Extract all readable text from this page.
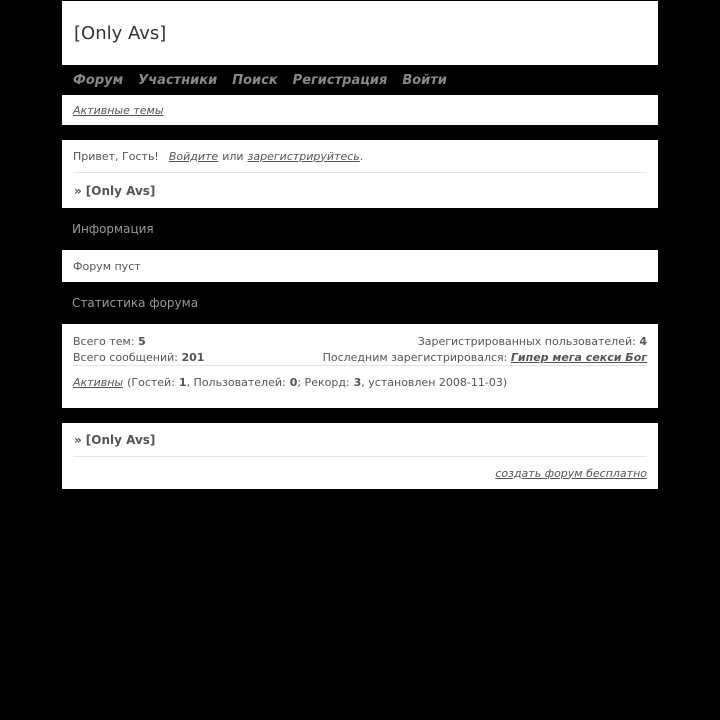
[Only Avs]
Форум Участники Поиск Регистрация Войти
Активные темы
Привет, Гость! Войдите или зарегистрируйтесь .
» [Only Avs]
Информация
Форум пуст
Статистика форума
Всего тем: 5
Всего сообщений: 201
Зарегистрированных пользователей: 4
Последним зарегистрировался: Гипер мега секси Бог
Активны (Гостей: 1 , Пользователей: 0 ; Рекорд: 3 , установлен 2008-11-03)
» [Only Avs]
создать форум бесплатно
